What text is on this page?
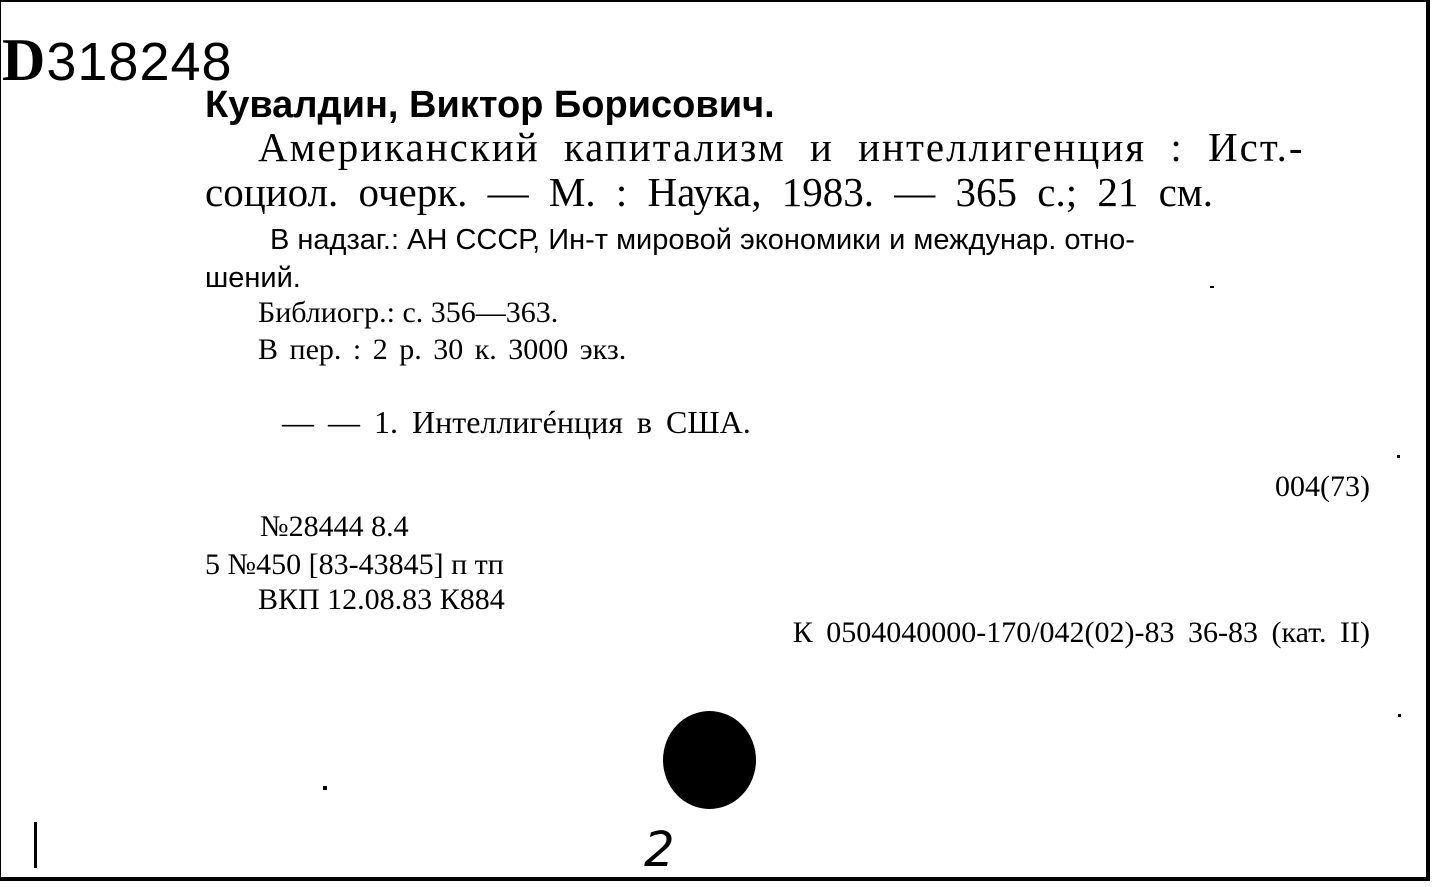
D318248
Кувалдин, Виктор Борисович.
Американский капитализм и интеллигенция : Ист.-
социол. очерк. — М. : Наука, 1983. — 365 с.; 21 см.
В надзаг.: АН СССР, Ин-т мировой экономики и междунар. отно-
шений.
Библиогр.: с. 356—363.
В пер. : 2 р. 30 к. 3000 экз.
— — 1. Интеллигéнция в США.
004(73)
№28444 8.4
5 №450 [83-43845] п тп
ВКП 12.08.83 К884
К 0504040000-170/042(02)-83 36-83 (кат. II)
2
